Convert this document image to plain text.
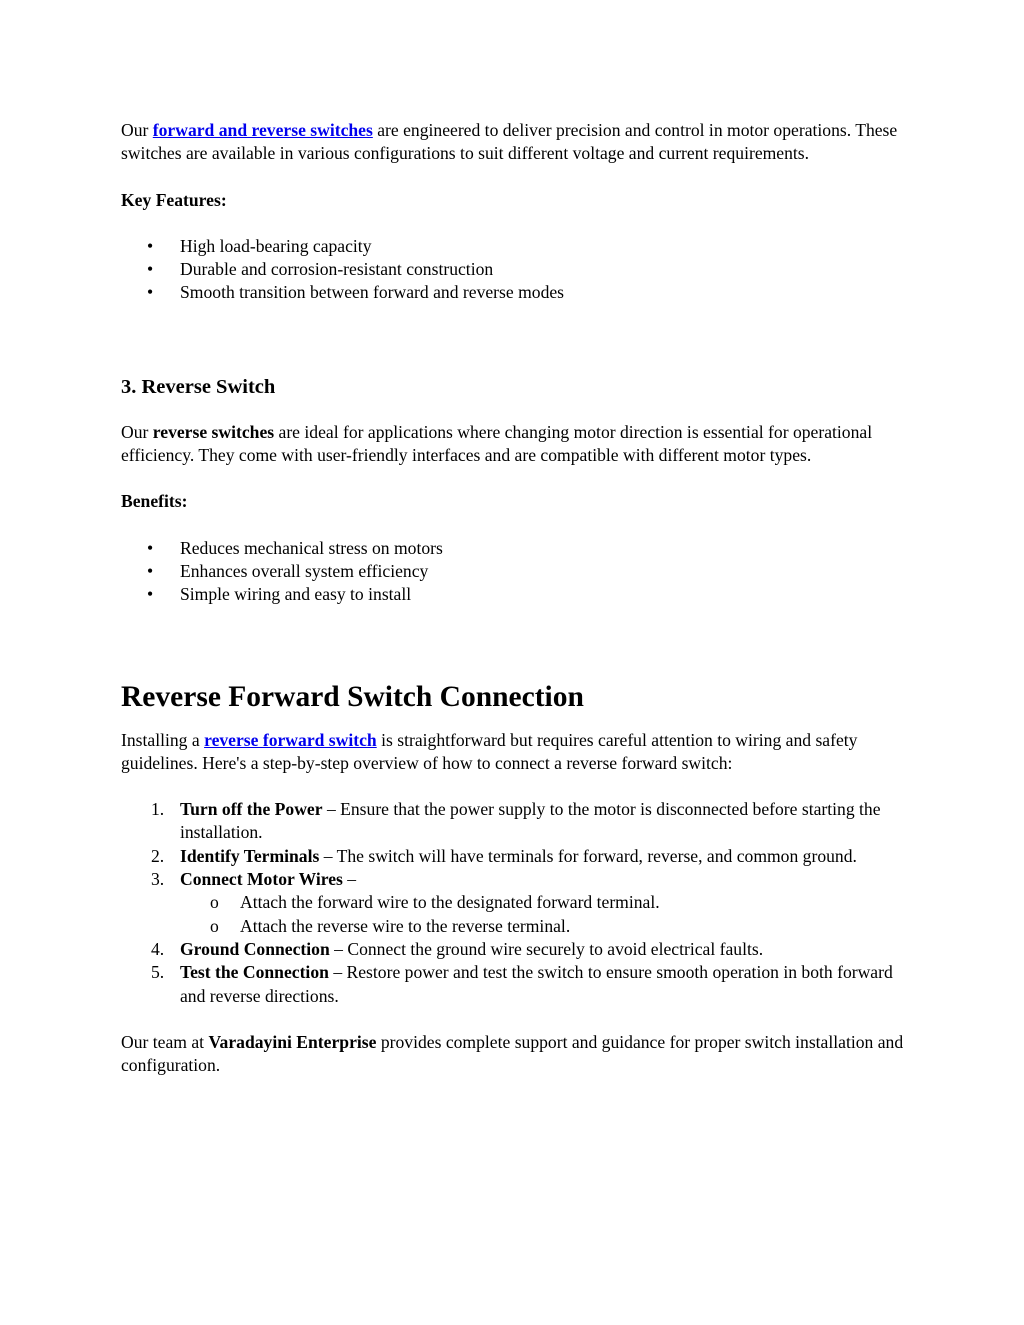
Our forward and reverse switches are engineered to deliver precision and control in motor operations. These switches are available in various configurations to suit different voltage and current requirements.

Key Features:

• High load-bearing capacity
• Durable and corrosion-resistant construction
• Smooth transition between forward and reverse modes
3. Reverse Switch

Our reverse switches are ideal for applications where changing motor direction is essential for operational efficiency. They come with user-friendly interfaces and are compatible with different motor types.

Benefits:

• Reduces mechanical stress on motors
• Enhances overall system efficiency
• Simple wiring and easy to install
Reverse Forward Switch Connection

Installing a reverse forward switch is straightforward but requires careful attention to wiring and safety guidelines. Here's a step-by-step overview of how to connect a reverse forward switch:

1. Turn off the Power – Ensure that the power supply to the motor is disconnected before starting the installation.
2. Identify Terminals – The switch will have terminals for forward, reverse, and common ground.
3. Connect Motor Wires –
o Attach the forward wire to the designated forward terminal.
o Attach the reverse wire to the reverse terminal.
4. Ground Connection – Connect the ground wire securely to avoid electrical faults.
5. Test the Connection – Restore power and test the switch to ensure smooth operation in both forward and reverse directions.

Our team at Varadayini Enterprise provides complete support and guidance for proper switch installation and configuration.
